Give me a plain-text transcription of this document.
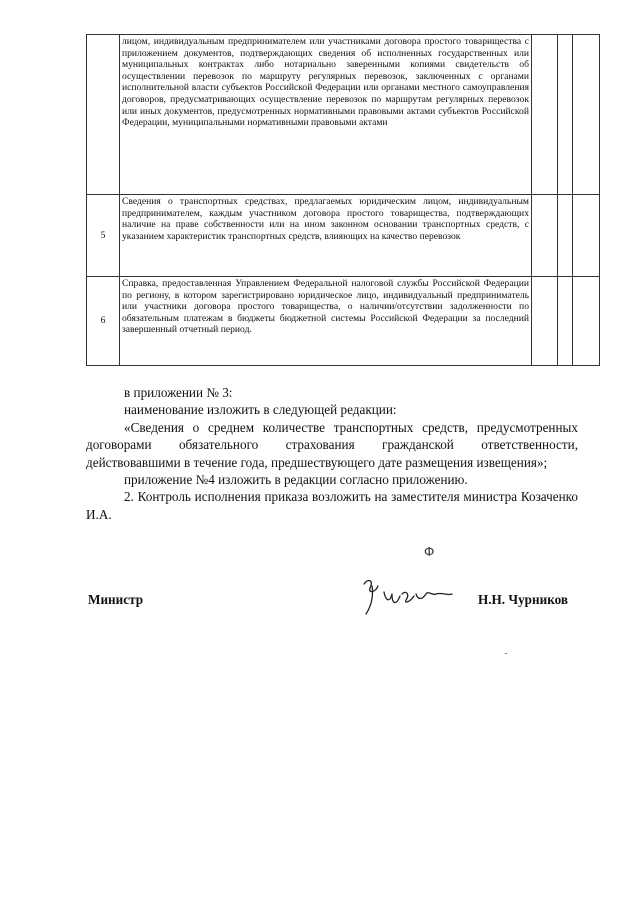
	лицом, индивидуальным предпринимателем или участниками договора простого товарищества с приложением документов, подтверждающих сведения об исполненных государственных или муниципальных контрактах либо нотариально заверенными копиями свидетельств об осуществлении перевозок по маршруту регулярных перевозок, заключенных с органами исполнительной власти субъектов Российской Федерации или органами местного самоуправления договоров, предусматривающих осуществление перевозок по маршрутам регулярных перевозок или иных документов, предусмотренных нормативными правовыми актами субъектов Российской Федерации, муниципальными нормативными правовыми актами			
5	Сведения о транспортных средствах, предлагаемых юридическим лицом, индивидуальным предпринимателем, каждым участником договора простого товарищества, подтверждающих наличие на праве собственности или на ином законном основании транспортных средств, с указанием характеристик транспортных средств, влияющих на качество перевозок			
6	Справка, предоставленная Управлением Федеральной налоговой службы Российской Федерации по региону, в котором зарегистрировано юридическое лицо, индивидуальный предприниматель или участники договора простого товарищества, о наличии/отсутствии задолженности по обязательным платежам в бюджеты бюджетной системы Российской Федерации за последний завершенный отчетный период.			

в приложении № 3:

наименование изложить в следующей редакции:

«Сведения о среднем количестве транспортных средств, предусмотренных договорами обязательного страхования гражданской ответственности, действовавшими в течение года, предшествующего дате размещения извещения»;

приложение №4 изложить в редакции согласно приложению.

2. Контроль исполнения приказа возложить на заместителя министра Козаченко И.А.

Ф
Министр	Н.Н. Чурников
